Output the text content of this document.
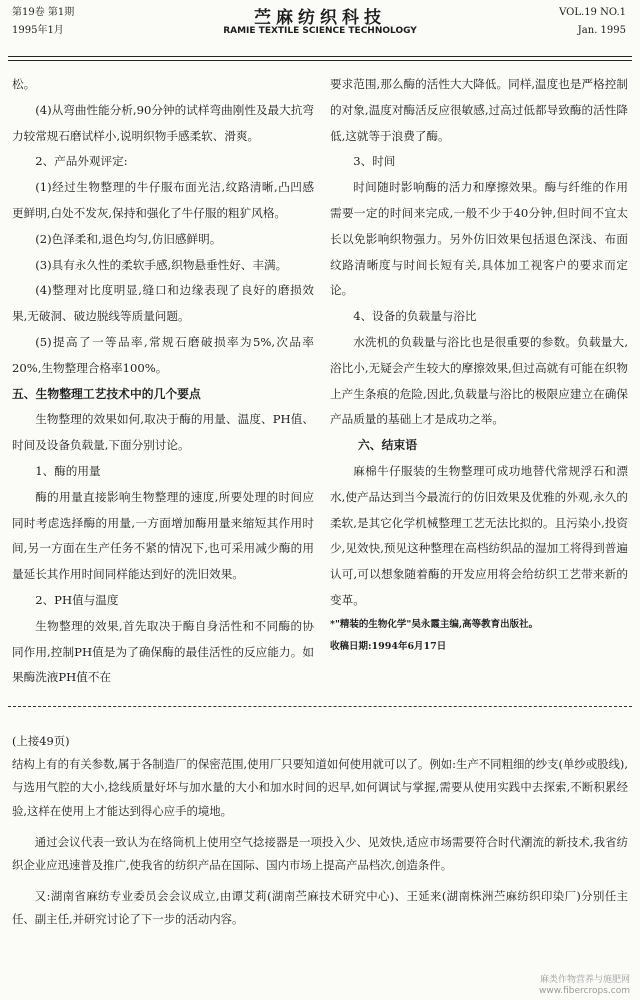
第19卷 第1期
1995年1月
苎麻纺织科技
RAMIE TEXTILE SCIENCE TECHNOLOGY
VOL.19 NO.1
Jan. 1995

松。

(4)从弯曲性能分析,90分钟的试样弯曲刚性及最大抗弯力较常规石磨试样小,说明织物手感柔软、滑爽。

2、产品外观评定:

(1)经过生物整理的牛仔服布面光洁,纹路清晰,凸凹感更鲜明,白处不发灰,保持和强化了牛仔服的粗犷风格。

(2)色泽柔和,退色均匀,仿旧感鲜明。

(3)具有永久性的柔软手感,织物悬垂性好、丰满。

(4)整理对比度明显,缝口和边缘表现了良好的磨损效果,无破洞、破边脱线等质量问题。

(5)提高了一等品率,常规石磨破损率为5%,次品率20%,生物整理合格率100%。

五、生物整理工艺技术中的几个要点

生物整理的效果如何,取决于酶的用量、温度、PH值、时间及设备负载量,下面分别讨论。

1、酶的用量

酶的用量直接影响生物整理的速度,所要处理的时间应同时考虑选择酶的用量,一方面增加酶用量来缩短其作用时间,另一方面在生产任务不紧的情况下,也可采用减少酶的用量延长其作用时间同样能达到好的洗旧效果。

2、PH值与温度

生物整理的效果,首先取决于酶自身活性和不同酶的协同作用,控制PH值是为了确保酶的最佳活性的反应能力。如果酶洗液PH值不在

要求范围,那么酶的活性大大降低。同样,温度也是严格控制的对象,温度对酶活反应很敏感,过高过低都导致酶的活性降低,这就等于浪费了酶。

3、时间

时间随时影响酶的活力和摩擦效果。酶与纤维的作用需要一定的时间来完成,一般不少于40分钟,但时间不宜太长以免影响织物强力。另外仿旧效果包括退色深浅、布面纹路清晰度与时间长短有关,具体加工视客户的要求而定论。

4、设备的负载量与浴比

水洗机的负载量与浴比也是很重要的参数。负载量大,浴比小,无疑会产生较大的摩擦效果,但过高就有可能在织物上产生条痕的危险,因此,负载量与浴比的极限应建立在确保产品质量的基础上才是成功之举。

六、结束语

麻棉牛仔服装的生物整理可成功地替代常规浮石和漂水,使产品达到当今最流行的仿旧效果及优雅的外观,永久的柔软,是其它化学机械整理工艺无法比拟的。且污染小,投资少,见效快,预见这种整理在高档纺织品的湿加工将得到普遍认可,可以想象随着酶的开发应用将会给纺织工艺带来新的变革。

*"精装的生物化学"吴永霞主编,高等教育出版社。

收稿日期:1994年6月17日

(上接49页)

结构上有的有关参数,属于各制造厂的保密范围,使用厂只要知道如何使用就可以了。例如:生产不同粗细的纱支(单纱或股线),与选用气腔的大小,捻线质量好坏与加水量的大小和加水时间的迟早,如何调试与掌握,需要从使用实践中去探索,不断积累经验,这样在使用上才能达到得心应手的境地。

通过会议代表一致认为在络筒机上使用空气捻接器是一项投入少、见效快,适应市场需要符合时代潮流的新技术,我省纺织企业应迅速普及推广,使我省的纺织产品在国际、国内市场上提高产品档次,创造条件。

又:湖南省麻纺专业委员会会议成立,由谭艾莉(湖南苎麻技术研究中心)、王延来(湖南株洲苎麻纺织印染厂)分别任主任、副主任,并研究讨论了下一步的活动内容。

麻类作物营养与施肥网
www.fibercrops.com
